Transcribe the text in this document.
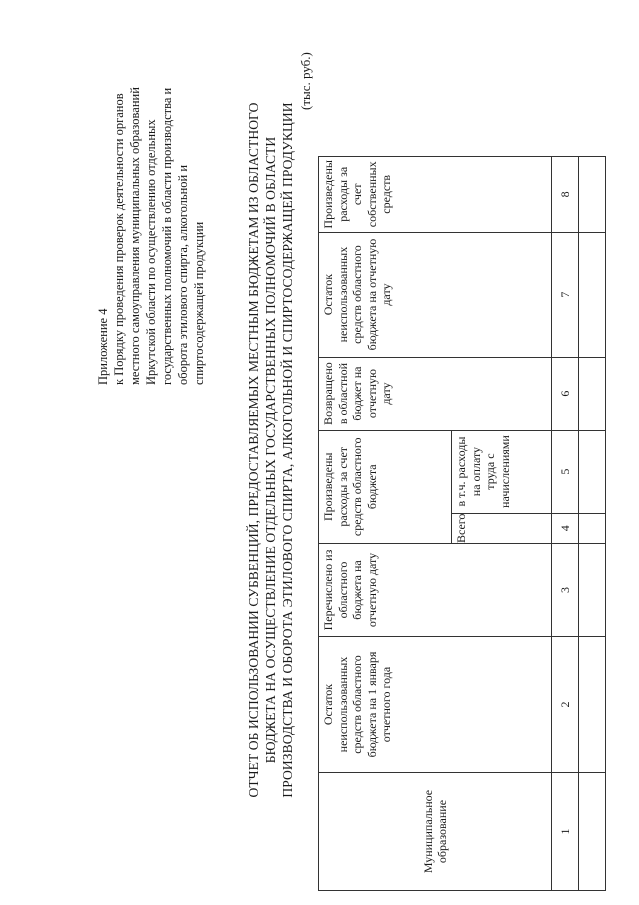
Приложение 4 к Порядку проведения проверок деятельности органов местного самоуправления муниципальных образований Иркутской области по осуществлению отдельных государственных полномочий в области производства и оборота этилового спирта, алкогольной и спиртосодержащей продукции	ОТЧЕТ ОБ ИСПОЛЬЗОВАНИИ СУБВЕНЦИЙ, ПРЕДОСТАВЛЯЕМЫХ МЕСТНЫМ БЮДЖЕТАМ ИЗ ОБЛАСТНОГО БЮДЖЕТА НА ОСУЩЕСТВЛЕНИЕ ОТДЕЛЬНЫХ ГОСУДАРСТВЕННЫХ ПОЛНОМОЧИЙ В ОБЛАСТИ ПРОИЗВОДСТВА И ОБОРОТА ЭТИЛОВОГО СПИРТА, АЛКОГОЛЬНОЙ И СПИРТОСОДЕРЖАЩЕЙ ПРОДУКЦИИ
(тыс. руб.)
Муниципальное образование	Остаток неиспользованных средств областного бюджета на 1 января отчетного года	Перечислено из областного бюджета на отчетную дату	Произведены расходы за счет средств областного бюджета		Возвращено в областной бюджет на отчетную дату	Остаток неиспользованных средств областного бюджета на отчетную дату	Произведены расходы за счет собственных средств
			Всего	в т.ч. расходы на оплату труда с начислениями			
1	2	3	4	5	6	7	8
